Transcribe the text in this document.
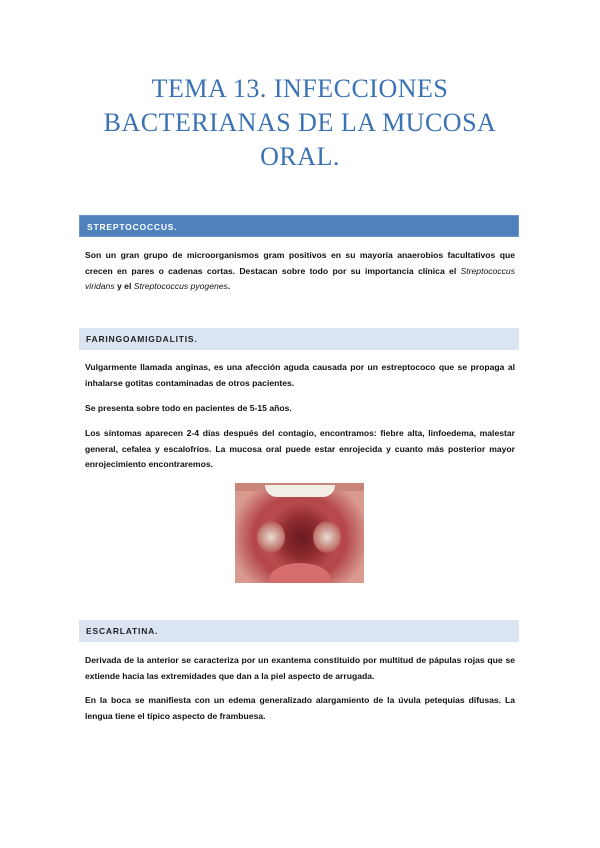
TEMA 13. INFECCIONES
BACTERIANAS DE LA MUCOSA
ORAL.
STREPTOCOCCUS.
Son un gran grupo de microorganismos gram positivos en su mayoría anaerobios facultativos que crecen en pares o cadenas cortas. Destacan sobre todo por su importancia clínica el Streptococcus viridans y el Streptococcus pyogenes.
FARINGOAMIGDALITIS.
Vulgarmente llamada anginas, es una afección aguda causada por un estreptococo que se propaga al inhalarse gotitas contaminadas de otros pacientes.
Se presenta sobre todo en pacientes de 5-15 años.
Los síntomas aparecen 2-4 días después del contagio, encontramos: fiebre alta, linfoedema, malestar general, cefalea y escalofríos. La mucosa oral puede estar enrojecida y cuanto más posterior mayor enrojecimiento encontraremos.
ESCARLATINA.
Derivada de la anterior se caracteriza por un exantema constituido por multitud de pápulas rojas que se extiende hacia las extremidades que dan a la piel aspecto de arrugada.
En la boca se manifiesta con un edema generalizado alargamiento de la úvula petequias difusas. La lengua tiene el típico aspecto de frambuesa.
